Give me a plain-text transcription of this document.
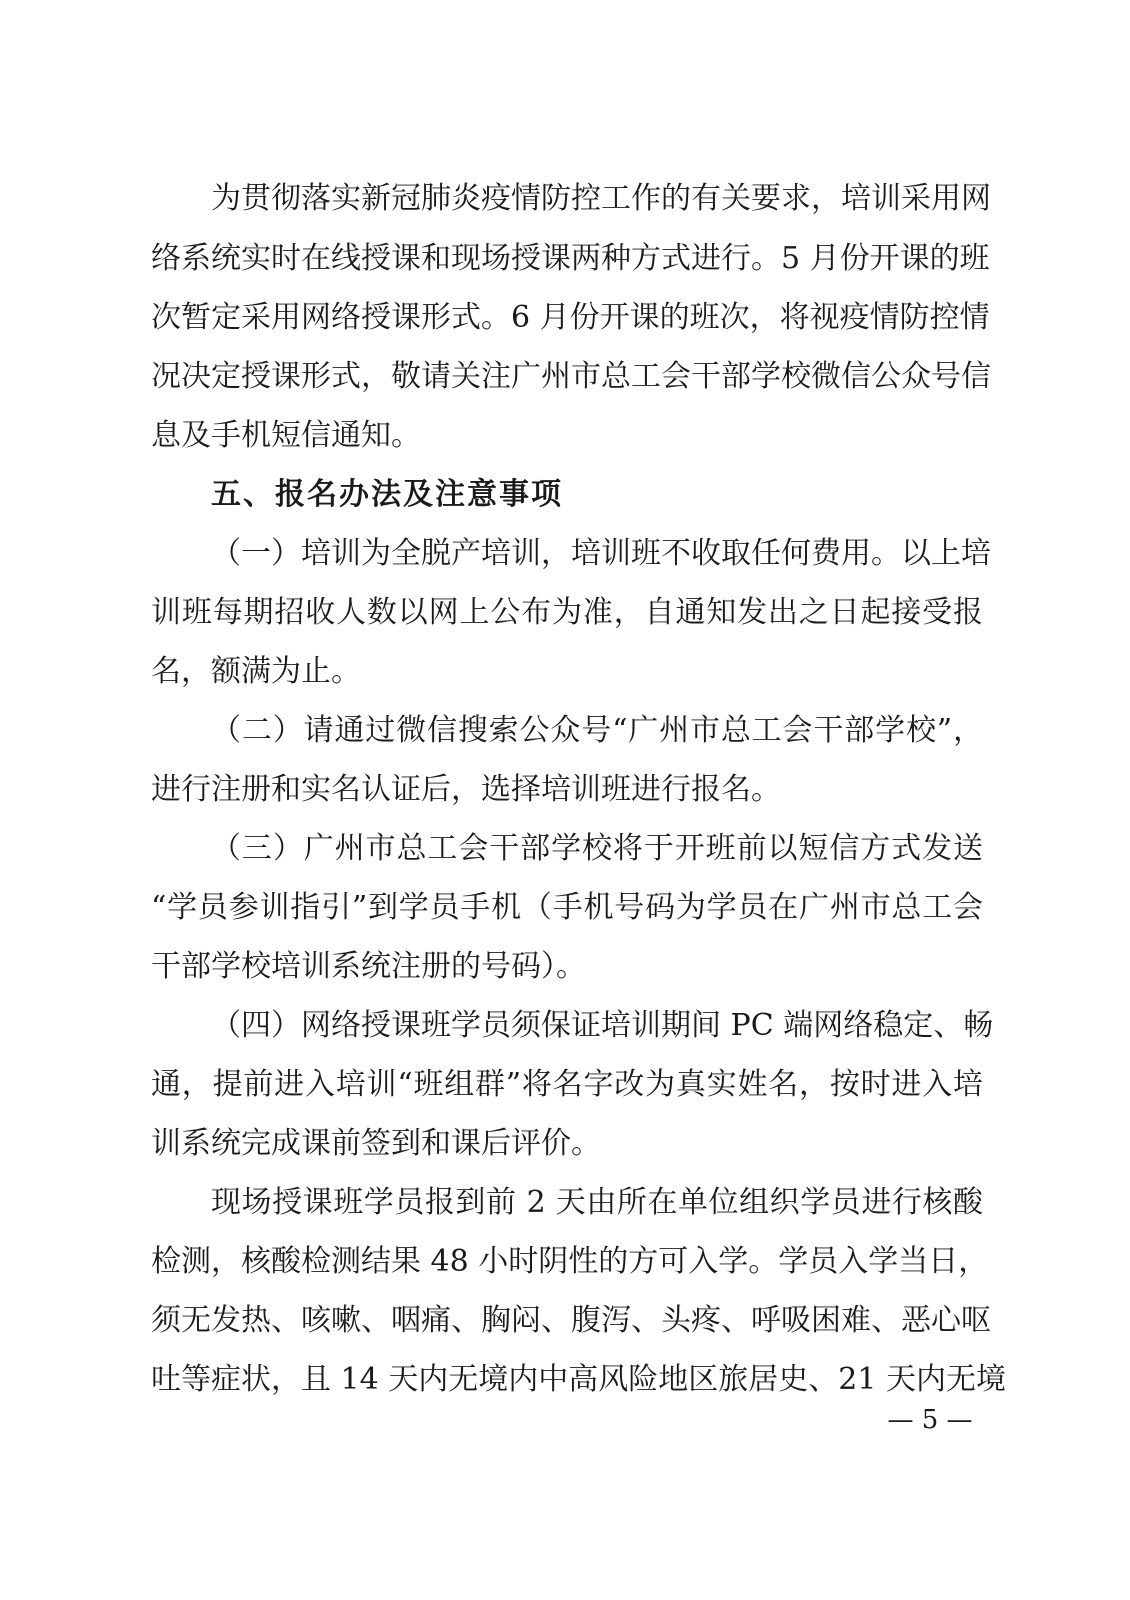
为贯彻落实新冠肺炎疫情防控工作的有关要求，培训采用网
络系统实时在线授课和现场授课两种方式进行。5 月份开课的班
次暂定采用网络授课形式。6 月份开课的班次，将视疫情防控情
况决定授课形式，敬请关注广州市总工会干部学校微信公众号信
息及手机短信通知。
五、报名办法及注意事项
（一）培训为全脱产培训，培训班不收取任何费用。以上培
训班每期招收人数以网上公布为准，自通知发出之日起接受报
名，额满为止。
（二）请通过微信搜索公众号“广州市总工会干部学校”，
进行注册和实名认证后，选择培训班进行报名。
（三）广州市总工会干部学校将于开班前以短信方式发送
“学员参训指引”到学员手机（手机号码为学员在广州市总工会
干部学校培训系统注册的号码）。
（四）网络授课班学员须保证培训期间 PC 端网络稳定、畅
通，提前进入培训“班组群”将名字改为真实姓名，按时进入培
训系统完成课前签到和课后评价。
现场授课班学员报到前 2 天由所在单位组织学员进行核酸
检测，核酸检测结果 48 小时阴性的方可入学。学员入学当日，
须无发热、咳嗽、咽痛、胸闷、腹泻、头疼、呼吸困难、恶心呕
吐等症状，且 14 天内无境内中高风险地区旅居史、21 天内无境
— 5 —
